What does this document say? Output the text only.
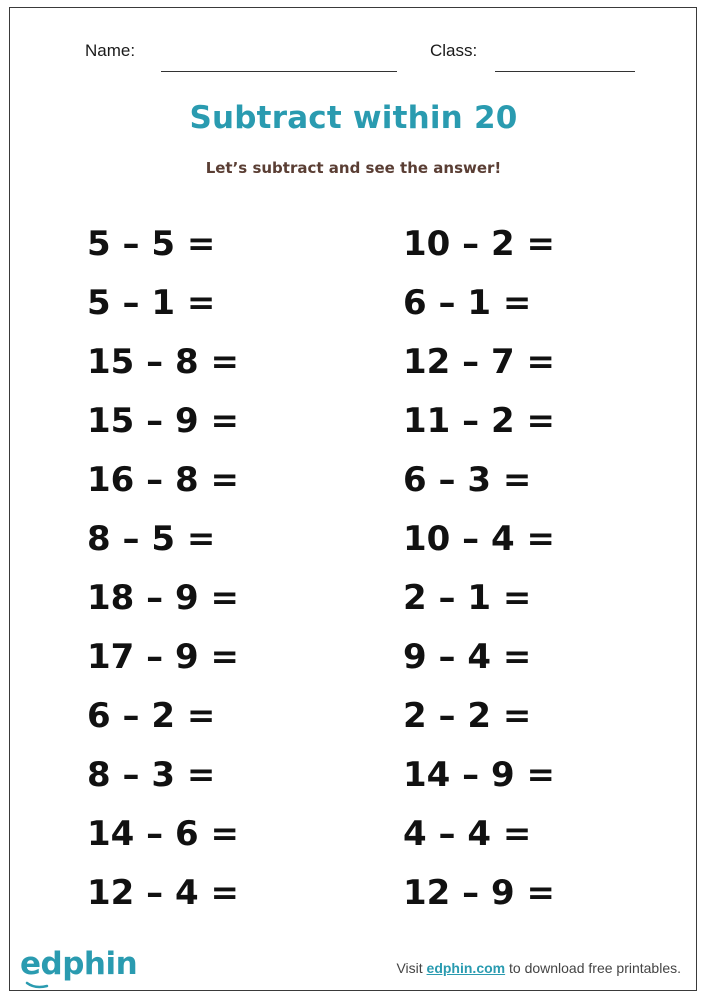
Name:	Class:
Subtract within 20
Let’s subtract and see the answer!
5 – 5 =
5 – 1 =
15 – 8 =
15 – 9 =
16 – 8 =
8 – 5 =
18 – 9 =
17 – 9 =
6 – 2 =
8 – 3 =
14 – 6 =
12 – 4 =
10 – 2 =
6 – 1 =
12 – 7 =
11 – 2 =
6 – 3 =
10 – 4 =
2 – 1 =
9 – 4 =
2 – 2 =
14 – 9 =
4 – 4 =
12 – 9 =
edphin	Visit edphin.com to download free printables.
